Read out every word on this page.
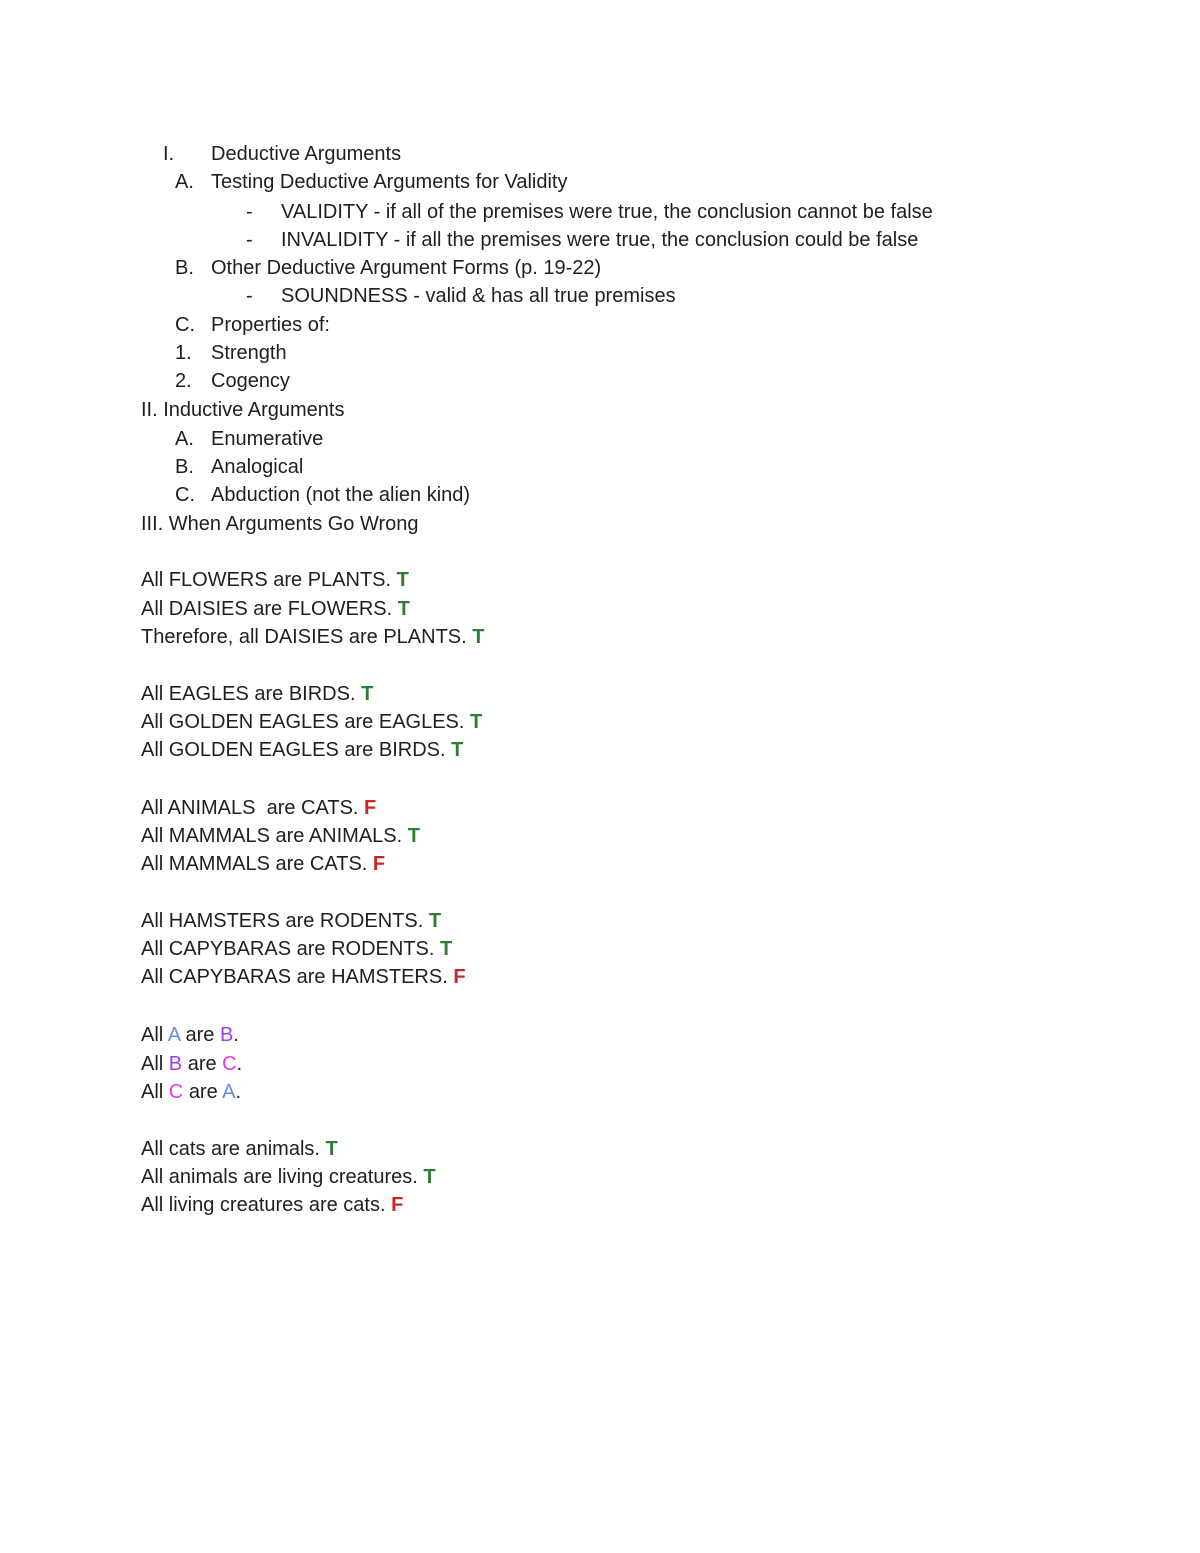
I. Deductive Arguments
A. Testing Deductive Arguments for Validity
- VALIDITY - if all of the premises were true, the conclusion cannot be false
- INVALIDITY - if all the premises were true, the conclusion could be false
B. Other Deductive Argument Forms (p. 19-22)
- SOUNDNESS - valid & has all true premises
C. Properties of:
1. Strength
2. Cogency
II. Inductive Arguments
A. Enumerative
B. Analogical
C. Abduction (not the alien kind)
III. When Arguments Go Wrong
All FLOWERS are PLANTS. T
All DAISIES are FLOWERS. T
Therefore, all DAISIES are PLANTS. T
All EAGLES are BIRDS. T
All GOLDEN EAGLES are EAGLES. T
All GOLDEN EAGLES are BIRDS. T
All ANIMALS  are CATS. F
All MAMMALS are ANIMALS. T
All MAMMALS are CATS. F
All HAMSTERS are RODENTS. T
All CAPYBARAS are RODENTS. T
All CAPYBARAS are HAMSTERS. F
All A are B.
All B are C.
All C are A.
All cats are animals. T
All animals are living creatures. T
All living creatures are cats. F
